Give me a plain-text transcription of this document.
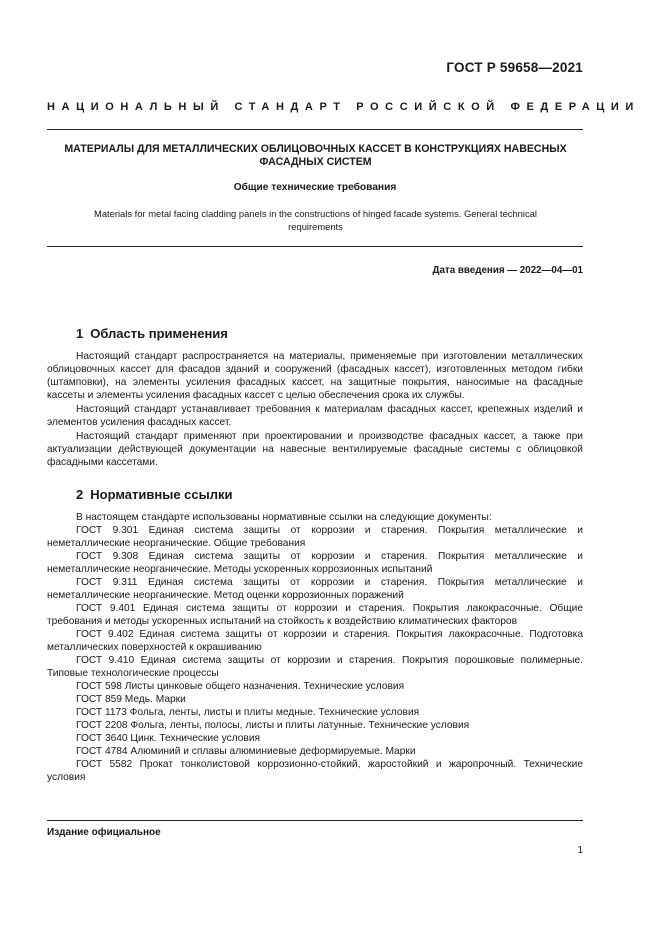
ГОСТ Р 59658—2021
НАЦИОНАЛЬНЫЙ СТАНДАРТ РОССИЙСКОЙ ФЕДЕРАЦИИ
МАТЕРИАЛЫ ДЛЯ МЕТАЛЛИЧЕСКИХ ОБЛИЦОВОЧНЫХ КАССЕТ В КОНСТРУКЦИЯХ НАВЕСНЫХ ФАСАДНЫХ СИСТЕМ
Общие технические требования
Materials for metal facing cladding panels in the constructions of hinged facade systems. General technical requirements
Дата введения — 2022—04—01
1 Область применения

Настоящий стандарт распространяется на материалы, применяемые при изготовлении металлических облицовочных кассет для фасадов зданий и сооружений (фасадных кассет), изготовленных методом гибки (штамповки), на элементы усиления фасадных кассет, на защитные покрытия, наносимые на фасадные кассеты и элементы усиления фасадных кассет с целью обеспечения срока их службы.

Настоящий стандарт устанавливает требования к материалам фасадных кассет, крепежных изделий и элементов усиления фасадных кассет.

Настоящий стандарт применяют при проектировании и производстве фасадных кассет, а также при актуализации действующей документации на навесные вентилируемые фасадные системы с облицовкой фасадными кассетами.

2 Нормативные ссылки
В настоящем стандарте использованы нормативные ссылки на следующие документы:
ГОСТ 9.301 Единая система защиты от коррозии и старения. Покрытия металлические и неметаллические неорганические. Общие требования
ГОСТ 9.308 Единая система защиты от коррозии и старения. Покрытия металлические и неметаллические неорганические. Методы ускоренных коррозионных испытаний
ГОСТ 9.311 Единая система защиты от коррозии и старения. Покрытия металлические и неметаллические неорганические. Метод оценки коррозионных поражений
ГОСТ 9.401 Единая система защиты от коррозии и старения. Покрытия лакокрасочные. Общие требования и методы ускоренных испытаний на стойкость к воздействию климатических факторов
ГОСТ 9.402 Единая система защиты от коррозии и старения. Покрытия лакокрасочные. Подготовка металлических поверхностей к окрашиванию
ГОСТ 9.410 Единая система защиты от коррозии и старения. Покрытия порошковые полимерные. Типовые технологические процессы
ГОСТ 598 Листы цинковые общего назначения. Технические условия
ГОСТ 859 Медь. Марки
ГОСТ 1173 Фольга, ленты, листы и плиты медные. Технические условия
ГОСТ 2208 Фольга, ленты, полосы, листы и плиты латунные. Технические условия
ГОСТ 3640 Цинк. Технические условия
ГОСТ 4784 Алюминий и сплавы алюминиевые деформируемые. Марки
ГОСТ 5582 Прокат тонколистовой коррозионно-стойкий, жаростойкий и жаропрочный. Технические условия
Издание официальное
1
